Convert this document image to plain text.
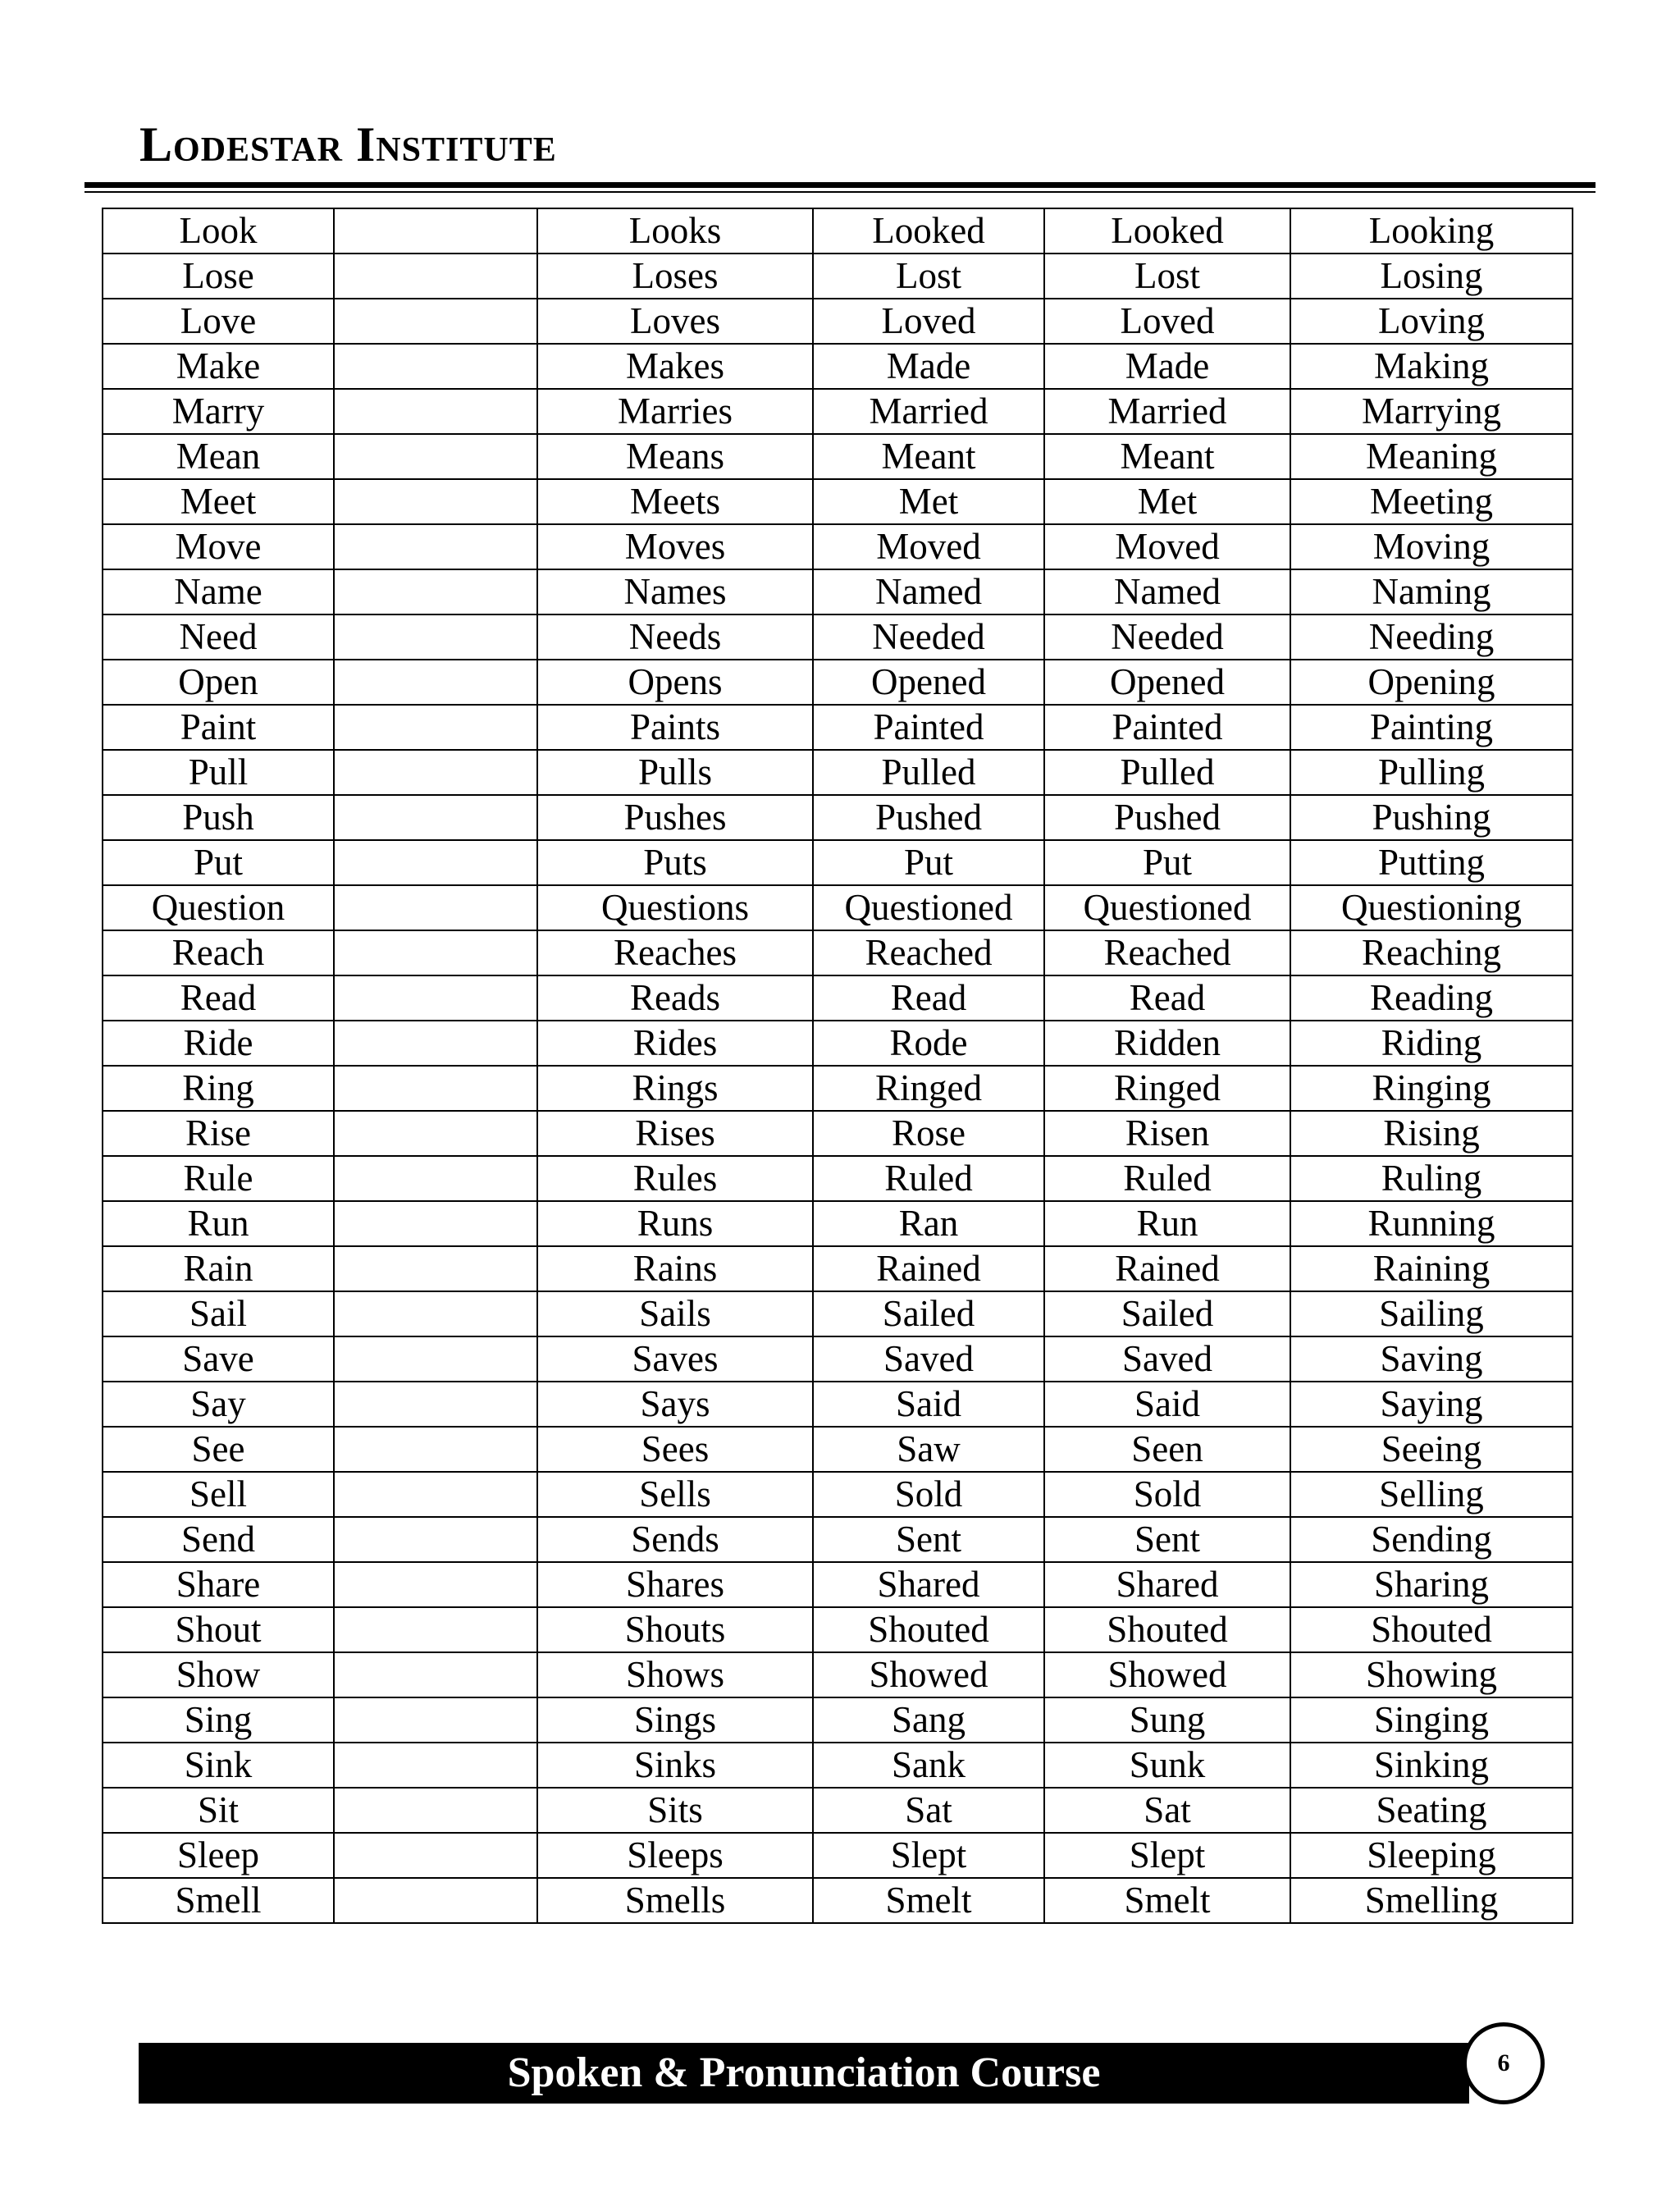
Lodestar Institute
Look		Looks	Looked	Looked	Looking
Lose		Loses	Lost	Lost	Losing
Love		Loves	Loved	Loved	Loving
Make		Makes	Made	Made	Making
Marry		Marries	Married	Married	Marrying
Mean		Means	Meant	Meant	Meaning
Meet		Meets	Met	Met	Meeting
Move		Moves	Moved	Moved	Moving
Name		Names	Named	Named	Naming
Need		Needs	Needed	Needed	Needing
Open		Opens	Opened	Opened	Opening
Paint		Paints	Painted	Painted	Painting
Pull		Pulls	Pulled	Pulled	Pulling
Push		Pushes	Pushed	Pushed	Pushing
Put		Puts	Put	Put	Putting
Question		Questions	Questioned	Questioned	Questioning
Reach		Reaches	Reached	Reached	Reaching
Read		Reads	Read	Read	Reading
Ride		Rides	Rode	Ridden	Riding
Ring		Rings	Ringed	Ringed	Ringing
Rise		Rises	Rose	Risen	Rising
Rule		Rules	Ruled	Ruled	Ruling
Run		Runs	Ran	Run	Running
Rain		Rains	Rained	Rained	Raining
Sail		Sails	Sailed	Sailed	Sailing
Save		Saves	Saved	Saved	Saving
Say		Says	Said	Said	Saying
See		Sees	Saw	Seen	Seeing
Sell		Sells	Sold	Sold	Selling
Send		Sends	Sent	Sent	Sending
Share		Shares	Shared	Shared	Sharing
Shout		Shouts	Shouted	Shouted	Shouted
Show		Shows	Showed	Showed	Showing
Sing		Sings	Sang	Sung	Singing
Sink		Sinks	Sank	Sunk	Sinking
Sit		Sits	Sat	Sat	Seating
Sleep		Sleeps	Slept	Slept	Sleeping
Smell		Smells	Smelt	Smelt	Smelling
Spoken & Pronunciation Course	6
